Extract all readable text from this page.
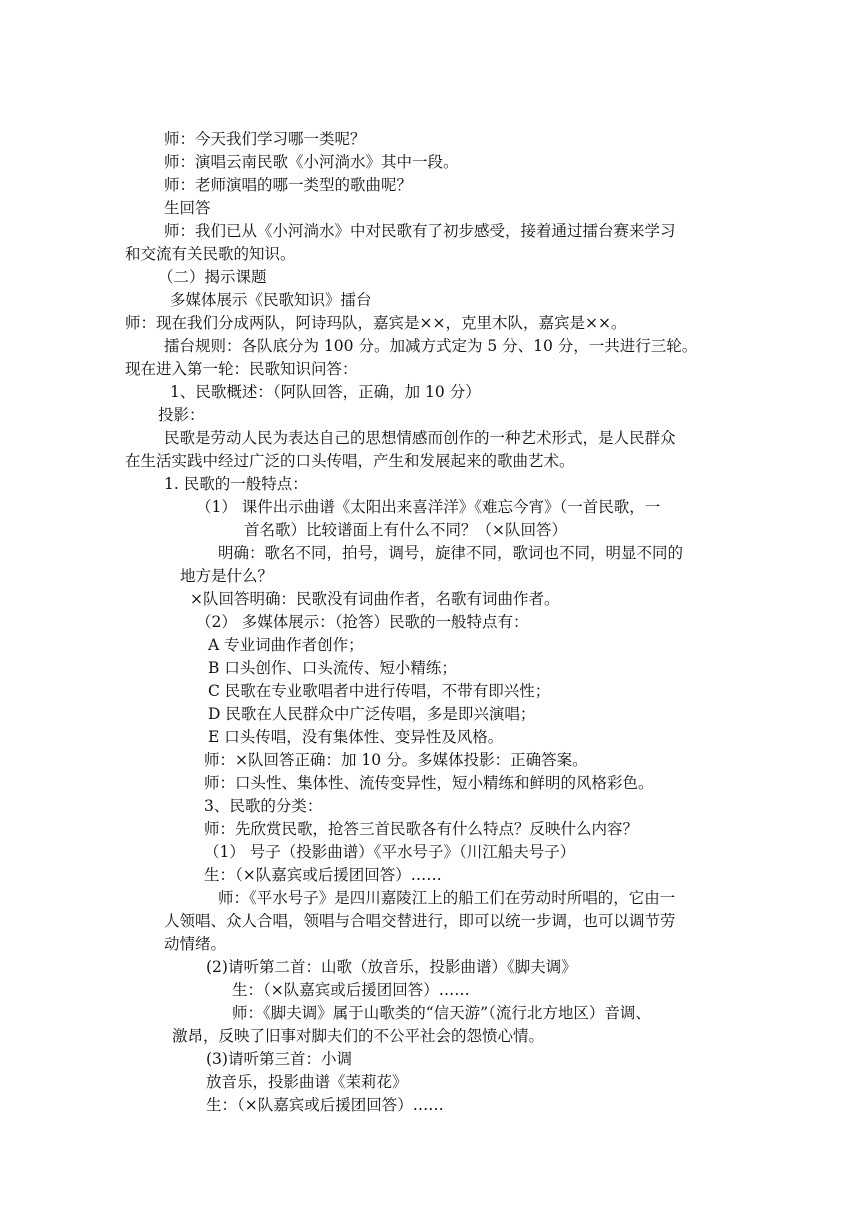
师：今天我们学习哪一类呢？
师：演唱云南民歌《小河淌水》其中一段。
师：老师演唱的哪一类型的歌曲呢？
生回答
师：我们已从《小河淌水》中对民歌有了初步感受，接着通过擂台赛来学习
和交流有关民歌的知识。
（二）揭示课题
多媒体展示《民歌知识》擂台
师：现在我们分成两队，阿诗玛队，嘉宾是××，克里木队，嘉宾是××。
擂台规则：各队底分为 100 分。加减方式定为 5 分、10 分，一共进行三轮。
现在进入第一轮：民歌知识问答：
1、民歌概述：（阿队回答，正确，加 10 分）
投影：
民歌是劳动人民为表达自己的思想情感而创作的一种艺术形式，是人民群众
在生活实践中经过广泛的口头传唱，产生和发展起来的歌曲艺术。
1. 民歌的一般特点：
（1） 课件出示曲谱《太阳出来喜洋洋》《难忘今宵》（一首民歌，一
首名歌）比较谱面上有什么不同？（×队回答）
明确：歌名不同，拍号，调号，旋律不同，歌词也不同，明显不同的
地方是什么？
×队回答明确：民歌没有词曲作者，名歌有词曲作者。
（2） 多媒体展示：（抢答）民歌的一般特点有：
A 专业词曲作者创作；
B 口头创作、口头流传、短小精练；
C 民歌在专业歌唱者中进行传唱，不带有即兴性；
D 民歌在人民群众中广泛传唱，多是即兴演唱；
E 口头传唱，没有集体性、变异性及风格。
师：×队回答正确：加 10 分。多媒体投影：正确答案。
师：口头性、集体性、流传变异性，短小精练和鲜明的风格彩色。
3、民歌的分类：
师：先欣赏民歌，抢答三首民歌各有什么特点？反映什么内容？
（1） 号子（投影曲谱）《平水号子》（川江船夫号子）
生：（×队嘉宾或后援团回答）……
师：《平水号子》是四川嘉陵江上的船工们在劳动时所唱的，它由一
人领唱、众人合唱，领唱与合唱交替进行，即可以统一步调，也可以调节劳
动情绪。
(2)请听第二首：山歌（放音乐，投影曲谱）《脚夫调》
生：（×队嘉宾或后援团回答）……
师：《脚夫调》属于山歌类的“信天游”（流行北方地区）音调、
激昂，反映了旧事对脚夫们的不公平社会的怨愤心情。
(3)请听第三首：小调
放音乐，投影曲谱《茉莉花》
生：（×队嘉宾或后援团回答）……
